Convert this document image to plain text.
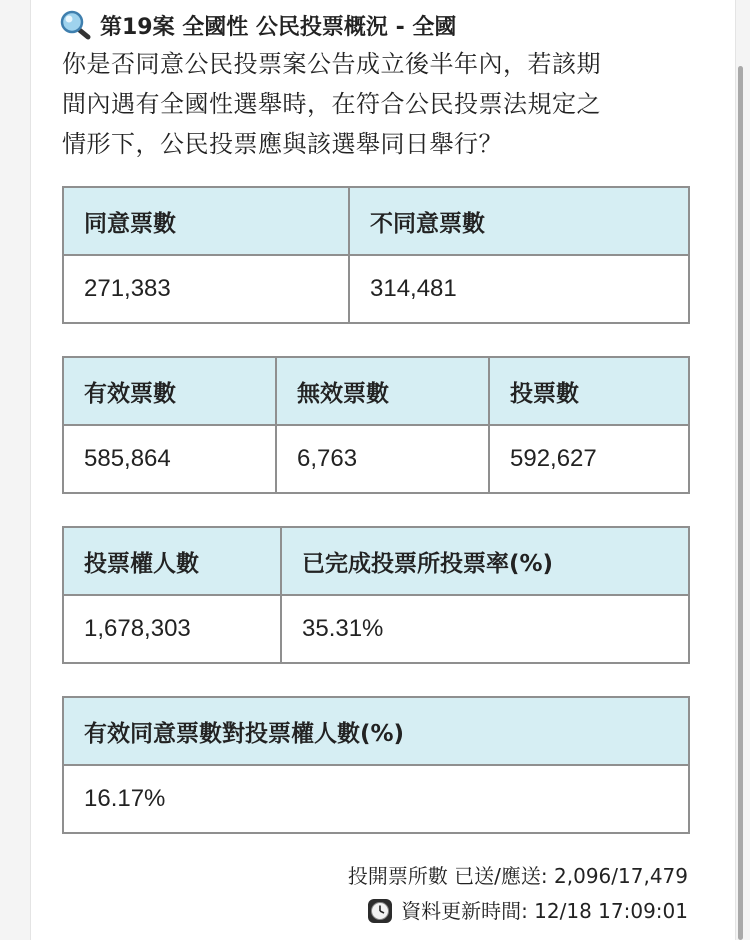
第19案 全國性 公民投票概況 - 全國
你是否同意公民投票案公告成立後半年內，若該期
間內遇有全國性選舉時，在符合公民投票法規定之
情形下，公民投票應與該選舉同日舉行？
同意票數	不同意票數
271,383	314,481
有效票數	無效票數	投票數
585,864	6,763	592,627
投票權人數	已完成投票所投票率(%)
1,678,303	35.31%
有效同意票數對投票權人數(%)
16.17%
投開票所數 已送/應送: 2,096/17,479
資料更新時間: 12/18 17:09:01
